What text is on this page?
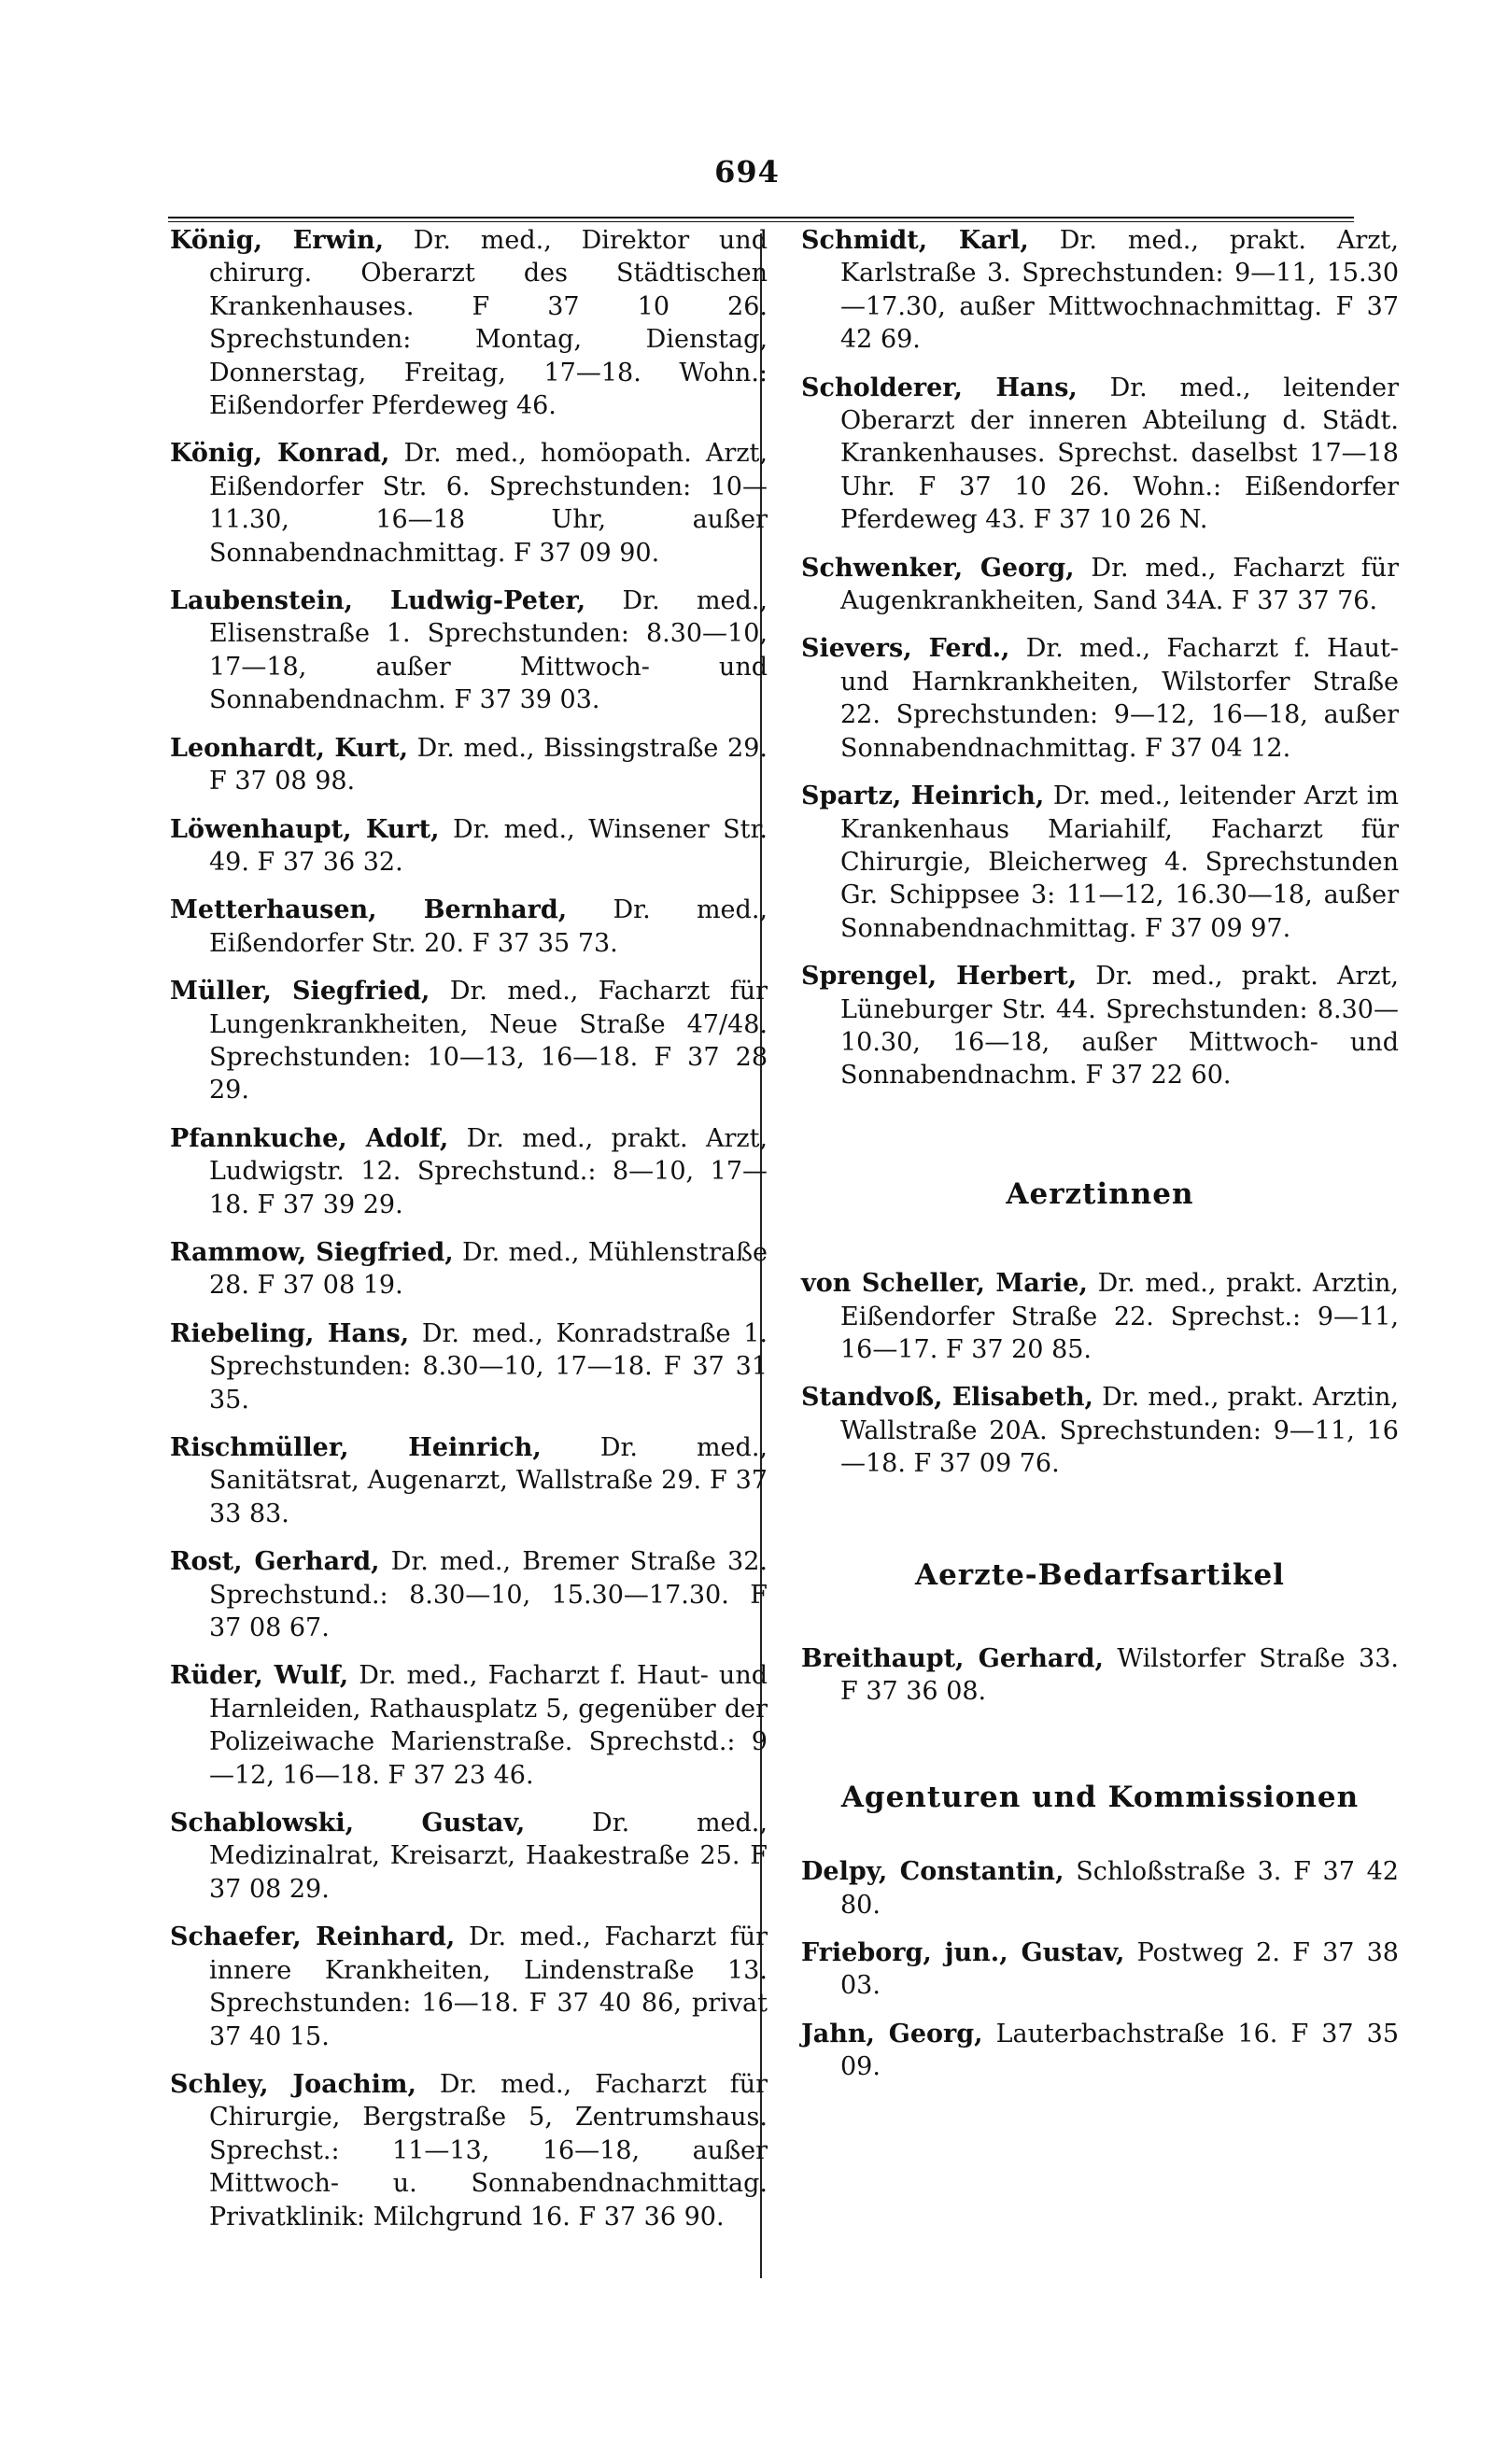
694

König, Erwin, Dr. med., Direktor und chirurg. Oberarzt des Städtischen Krankenhauses. F 37 10 26. Sprechstunden: Montag, Dienstag, Donnerstag, Freitag, 17—18. Wohn.: Eißendorfer Pferdeweg 46.

König, Konrad, Dr. med., homöopath. Arzt, Eißendorfer Str. 6. Sprechstunden: 10—11.30, 16—18 Uhr, außer Sonnabendnachmittag. F 37 09 90.

Laubenstein, Ludwig-Peter, Dr. med., Elisenstraße 1. Sprechstunden: 8.30—10, 17—18, außer Mittwoch- und Sonnabendnachm. F 37 39 03.

Leonhardt, Kurt, Dr. med., Bissingstraße 29. F 37 08 98.

Löwenhaupt, Kurt, Dr. med., Winsener Str. 49. F 37 36 32.

Metterhausen, Bernhard, Dr. med., Eißendorfer Str. 20. F 37 35 73.

Müller, Siegfried, Dr. med., Facharzt für Lungenkrankheiten, Neue Straße 47/48. Sprechstunden: 10—13, 16—18. F 37 28 29.

Pfannkuche, Adolf, Dr. med., prakt. Arzt, Ludwigstr. 12. Sprechstund.: 8—10, 17—18. F 37 39 29.

Rammow, Siegfried, Dr. med., Mühlenstraße 28. F 37 08 19.

Riebeling, Hans, Dr. med., Konradstraße 1. Sprechstunden: 8.30—10, 17—18. F 37 31 35.

Rischmüller, Heinrich, Dr. med., Sanitätsrat, Augenarzt, Wallstraße 29. F 37 33 83.

Rost, Gerhard, Dr. med., Bremer Straße 32. Sprechstund.: 8.30—10, 15.30—17.30. F 37 08 67.

Rüder, Wulf, Dr. med., Facharzt f. Haut- und Harnleiden, Rathausplatz 5, gegenüber der Polizeiwache Marienstraße. Sprechstd.: 9—12, 16—18. F 37 23 46.

Schablowski, Gustav,	Dr. med., Medizinalrat, Kreisarzt, Haakestraße 25. F 37 08 29.

Schaefer, Reinhard, Dr. med., Facharzt für innere Krankheiten, Lindenstraße 13. Sprechstunden: 16—18. F 37 40 86, privat 37 40 15.

Schley, Joachim, Dr. med., Facharzt für Chirurgie, Bergstraße 5, Zentrumshaus. Sprechst.: 11—13, 16—18, außer Mittwoch- u. Sonnabendnachmittag. Privatklinik: Milchgrund 16. F 37 36 90.

Schmidt, Karl, Dr. med., prakt. Arzt, Karlstraße 3. Sprechstunden: 9—11, 15.30—17.30, außer Mittwochnachmittag. F 37 42 69.

Scholderer, Hans, Dr. med., leitender Oberarzt der inneren Abteilung d. Städt. Krankenhauses. Sprechst. daselbst 17—18 Uhr. F 37 10 26. Wohn.: Eißendorfer Pferdeweg 43. F 37 10 26 N.

Schwenker, Georg, Dr. med., Facharzt für Augenkrankheiten, Sand 34A. F 37 37 76.

Sievers, Ferd., Dr. med., Facharzt f. Haut- und Harnkrankheiten, Wilstorfer Straße 22. Sprechstunden: 9—12, 16—18, außer Sonnabendnachmittag. F 37 04 12.

Spartz, Heinrich, Dr. med., leitender Arzt im Krankenhaus Mariahilf, Facharzt für Chirurgie, Bleicherweg 4. Sprechstunden Gr. Schippsee 3: 11—12, 16.30—18, außer Sonnabendnachmittag. F 37 09 97.

Sprengel, Herbert, Dr. med., prakt. Arzt, Lüneburger Str. 44. Sprechstunden: 8.30—10.30, 16—18, außer Mittwoch- und Sonnabendnachm. F 37 22 60.

Aerztinnen

von Scheller, Marie, Dr. med., prakt. Arztin, Eißendorfer Straße 22. Sprechst.: 9—11, 16—17. F 37 20 85.

Standvoß, Elisabeth, Dr. med., prakt. Arztin, Wallstraße 20A. Sprechstunden: 9—11, 16—18. F 37 09 76.

Aerzte-Bedarfsartikel

Breithaupt, Gerhard, Wilstorfer Straße 33. F 37 36 08.

Agenturen und Kommissionen

Delpy, Constantin, Schloßstraße 3. F 37 42 80.

Frieborg, jun., Gustav, Postweg 2. F 37 38 03.

Jahn, Georg, Lauterbachstraße 16. F 37 35 09.
